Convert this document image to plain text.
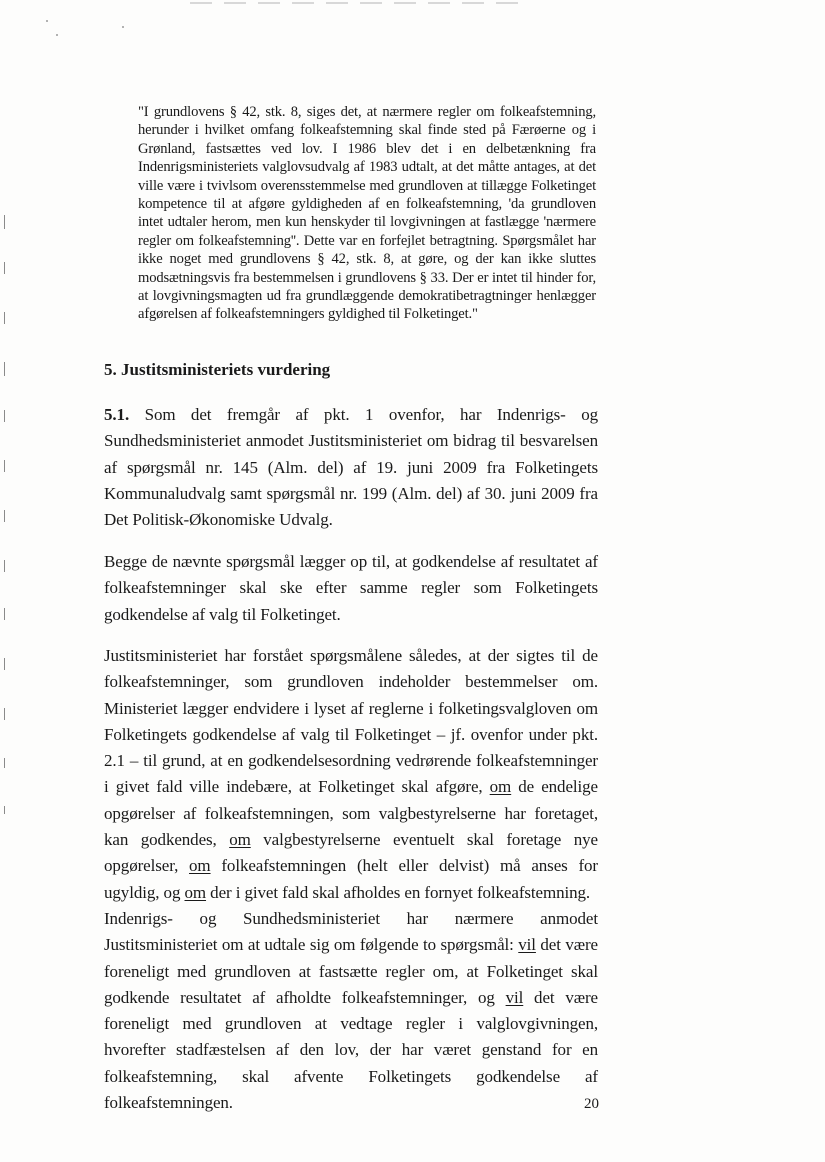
"I grundlovens § 42, stk. 8, siges det, at nærmere regler om folkeafstemning, herunder i hvilket omfang folkeafstemning skal finde sted på Færøerne og i Grønland, fastsættes ved lov. I 1986 blev det i en delbetænkning fra Indenrigsministeriets valglovsudvalg af 1983 udtalt, at det måtte antages, at det ville være i tvivlsom overensstemmelse med grundloven at tillægge Folketinget kompetence til at afgøre gyldigheden af en folkeafstemning, 'da grundloven intet udtaler herom, men kun henskyder til lovgivningen at fastlægge 'nærmere regler om folkeafstemning''. Dette var en forfejlet betragtning. Spørgsmålet har ikke noget med grundlovens § 42, stk. 8, at gøre, og der kan ikke sluttes modsætningsvis fra bestemmelsen i grundlovens § 33. Der er intet til hinder for, at lovgivningsmagten ud fra grundlæggende demokratibetragtninger henlægger afgørelsen af folkeafstemningers gyldighed til Folketinget."

5. Justitsministeriets vurdering

5.1. Som det fremgår af pkt. 1 ovenfor, har Indenrigs- og Sundhedsministeriet anmodet Justitsministeriet om bidrag til besvarelsen af spørgsmål nr. 145 (Alm. del) af 19. juni 2009 fra Folketingets Kommunaludvalg samt spørgsmål nr. 199 (Alm. del) af 30. juni 2009 fra Det Politisk-Økonomiske Udvalg.

Begge de nævnte spørgsmål lægger op til, at godkendelse af resultatet af folkeafstemninger skal ske efter samme regler som Folketingets godkendelse af valg til Folketinget.

Justitsministeriet har forstået spørgsmålene således, at der sigtes til de folkeafstemninger, som grundloven indeholder bestemmelser om. Ministeriet lægger endvidere i lyset af reglerne i folketingsvalgloven om Folketingets godkendelse af valg til Folketinget – jf. ovenfor under pkt. 2.1 – til grund, at en godkendelsesordning vedrørende folkeafstemninger i givet fald ville indebære, at Folketinget skal afgøre, om de endelige opgørelser af folkeafstemningen, som valgbestyrelserne har foretaget, kan godkendes, om valgbestyrelserne eventuelt skal foretage nye opgørelser, om folkeafstemningen (helt eller delvist) må anses for ugyldig, og om der i givet fald skal afholdes en fornyet folkeafstemning.

Indenrigs- og Sundhedsministeriet har nærmere anmodet Justitsministeriet om at udtale sig om følgende to spørgsmål: vil det være foreneligt med grundloven at fastsætte regler om, at Folketinget skal godkende resultatet af afholdte folkeafstemninger, og vil det være foreneligt med grundloven at vedtage regler i valglovgivningen, hvorefter stadfæstelsen af den lov, der har været genstand for en folkeafstemning, skal afvente Folketingets godkendelse af folkeafstemningen.	20
